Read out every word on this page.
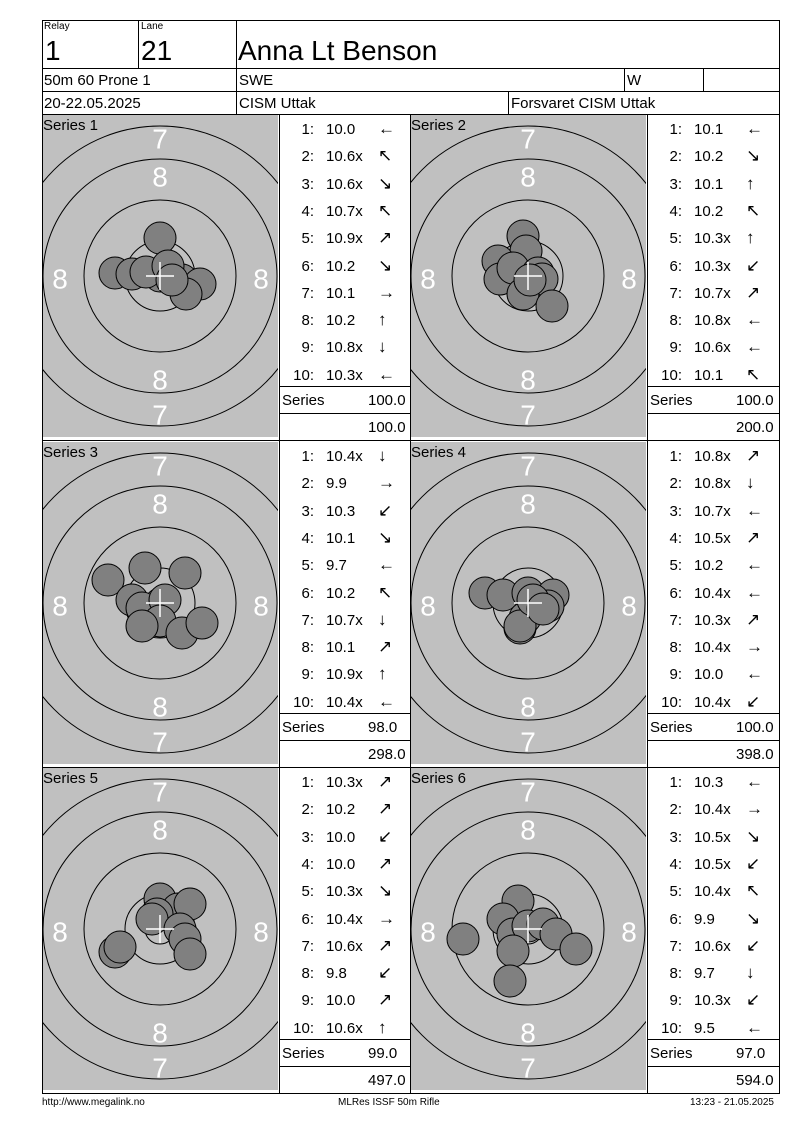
Relay
1
Lane
21 Anna Lt Benson
50m 60 Prone 1	SWE	W
20-22.05.2025	CISM Uttak	Forsvaret CISM Uttak
7
7
8
8
8	8
Series 1	1: 10.0 ←
2: 10.6x ↖
3: 10.6x ↘
4: 10.7x ↖
5: 10.9x ↗
6: 10.2 ↘
7: 10.1 →
8: 10.2 ↑
9: 10.8x ↓
10: 10.3x ←
Series	100.0
100.0
7
7
8
8
8	8
Series 2	1: 10.1 ←
2: 10.2 ↘
3: 10.1 ↑
4: 10.2 ↖
5: 10.3x ↑
6: 10.3x ↙
7: 10.7x ↗
8: 10.8x ←
9: 10.6x ←
10: 10.1 ↖
Series	100.0
200.0
7
7
8
8
8	8
Series 3	1: 10.4x ↓
2: 9.9 →
3: 10.3 ↙
4: 10.1 ↘
5: 9.7 ←
6: 10.2 ↖
7: 10.7x ↓
8: 10.1 ↗
9: 10.9x ↑
10: 10.4x ←
Series	98.0
298.0
7
7
8
8
8	8
Series 4	1: 10.8x ↗
2: 10.8x ↓
3: 10.7x ←
4: 10.5x ↗
5: 10.2 ←
6: 10.4x ←
7: 10.3x ↗
8: 10.4x →
9: 10.0 ←
10: 10.4x ↙
Series	100.0
398.0
7
7
8
8
8	8
Series 5	1: 10.3x ↗
2: 10.2 ↗
3: 10.0 ↙
4: 10.0 ↗
5: 10.3x ↘
6: 10.4x →
7: 10.6x ↗
8: 9.8 ↙
9: 10.0 ↗
10: 10.6x ↑
Series	99.0
497.0
7
7
8
8
8	8
Series 6	1: 10.3 ←
2: 10.4x →
3: 10.5x ↘
4: 10.5x ↙
5: 10.4x ↖
6: 9.9 ↘
7: 10.6x ↙
8: 9.7 ↓
9: 10.3x ↙
10: 9.5 ←
Series	97.0
594.0
http://www.megalink.no	MLRes ISSF 50m Rifle	13:23 - 21.05.2025
